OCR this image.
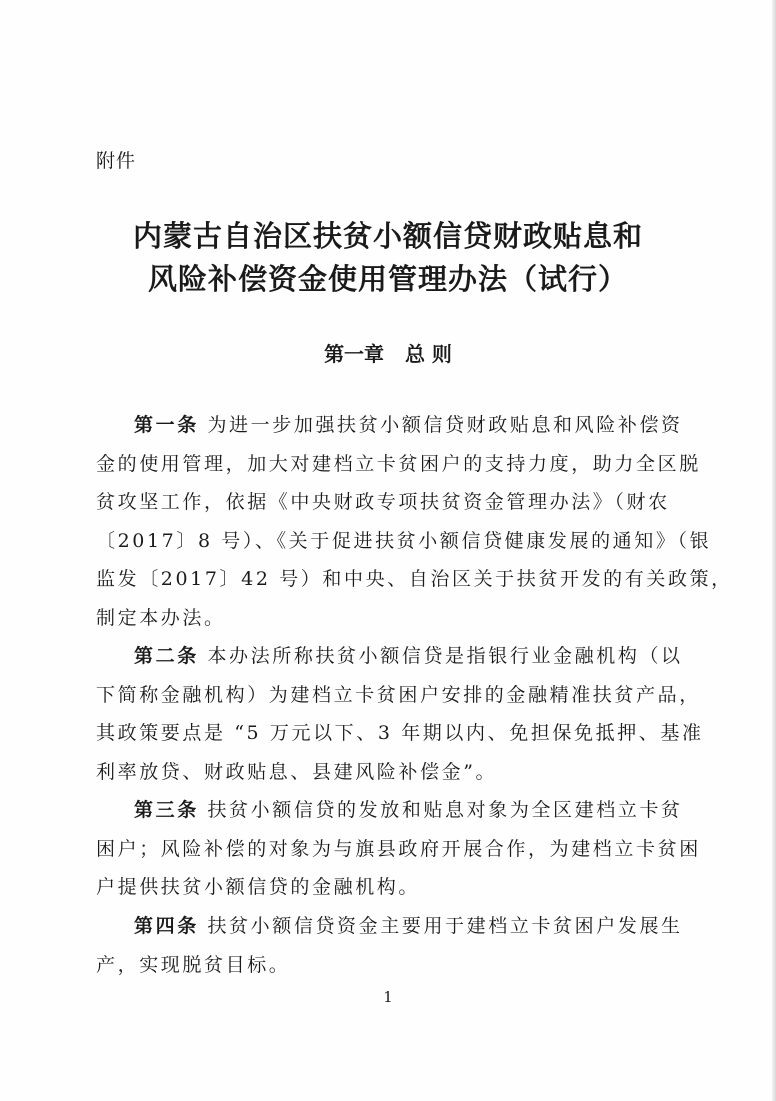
附件

内蒙古自治区扶贫小额信贷财政贴息和
风险补偿资金使用管理办法（试行）
第一章   总 则
第一条 为进一步加强扶贫小额信贷财政贴息和风险补偿资
金的使用管理，加大对建档立卡贫困户的支持力度，助力全区脱
贫攻坚工作，依据《中央财政专项扶贫资金管理办法》（财农
〔2017〕8 号）、《关于促进扶贫小额信贷健康发展的通知》（银
监发〔2017〕42 号）和中央、自治区关于扶贫开发的有关政策，
制定本办法。
第二条 本办法所称扶贫小额信贷是指银行业金融机构（以
下简称金融机构）为建档立卡贫困户安排的金融精准扶贫产品，
其政策要点是 “5 万元以下、3 年期以内、免担保免抵押、基准
利率放贷、财政贴息、县建风险补偿金”。
第三条 扶贫小额信贷的发放和贴息对象为全区建档立卡贫
困户；风险补偿的对象为与旗县政府开展合作，为建档立卡贫困
户提供扶贫小额信贷的金融机构。
第四条 扶贫小额信贷资金主要用于建档立卡贫困户发展生
产，实现脱贫目标。

1
